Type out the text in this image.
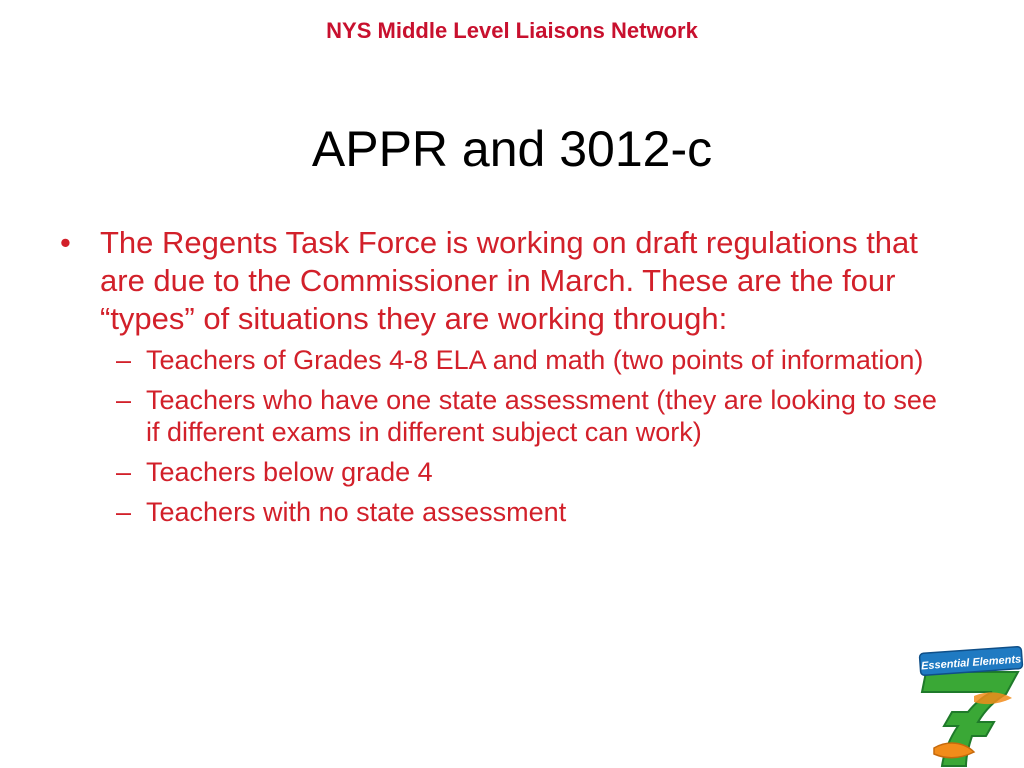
NYS Middle Level Liaisons Network
APPR and 3012-c
• The Regents Task Force is working on draft regulations that are due to the Commissioner in March. These are the four “types” of situations they are working through:
– Teachers of Grades 4-8 ELA and math (two points of information)
– Teachers who have one state assessment (they are looking to see if different exams in different subject can work)
– Teachers below grade 4
– Teachers with no state assessment
Essential Elements
